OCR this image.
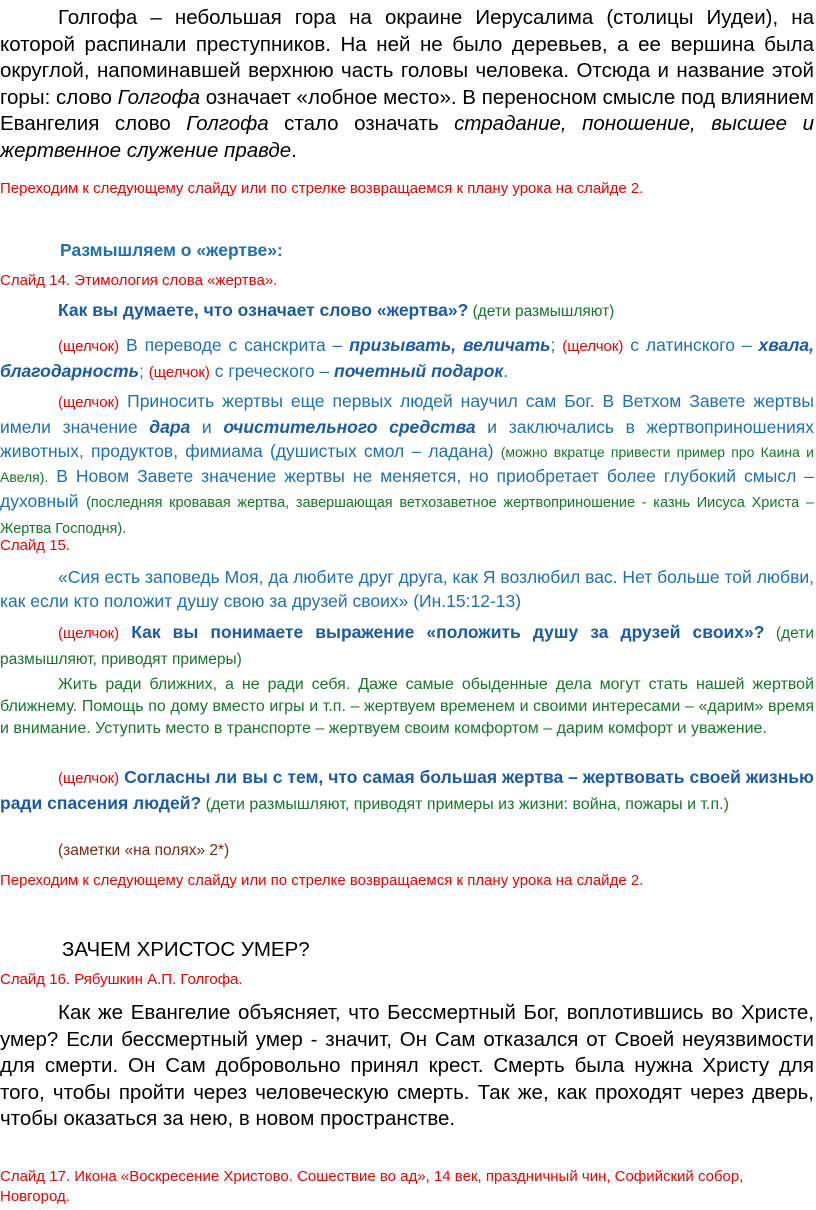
Голгофа – небольшая гора на окраине Иерусалима (столицы Иудеи), на которой распинали преступников. На ней не было деревьев, а ее вершина была округлой, напоминавшей верхнюю часть головы человека. Отсюда и название этой горы: слово Голгофа означает «лобное место». В переносном смысле под влиянием Евангелия слово Голгофа стало означать страдание, поношение, высшее и жертвенное служение правде.

Переходим к следующему слайду или по стрелке возвращаемся к плану урока на слайде 2.

Размышляем о «жертве»:

Слайд 14. Этимология слова «жертва».

Как вы думаете, что означает слово «жертва»? (дети размышляют)

(щелчок) В переводе с санскрита – призывать, величать; (щелчок) с латинского – хвала, благодарность; (щелчок) с греческого – почетный подарок.

(щелчок) Приносить жертвы еще первых людей научил сам Бог. В Ветхом Завете жертвы имели значение дара и очистительного средства и заключались в жертвоприношениях животных, продуктов, фимиама (душистых смол – ладана) (можно вкратце привести пример про Каина и Авеля). В Новом Завете значение жертвы не меняется, но приобретает более глубокий смысл – духовный (последняя кровавая жертва, завершающая ветхозаветное жертвоприношение - казнь Иисуса Христа – Жертва Господня).

Слайд 15.

«Сия есть заповедь Моя, да любите друг друга, как Я возлюбил вас. Нет больше той любви, как если кто положит душу свою за друзей своих» (Ин.15:12-13)

(щелчок) Как вы понимаете выражение «положить душу за друзей своих»? (дети размышляют, приводят примеры)

Жить ради ближних, а не ради себя. Даже самые обыденные дела могут стать нашей жертвой ближнему. Помощь по дому вместо игры и т.п. – жертвуем временем и своими интересами – «дарим» время и внимание. Уступить место в транспорте – жертвуем своим комфортом – дарим комфорт и уважение.

(щелчок) Согласны ли вы с тем, что самая большая жертва – жертвовать своей жизнью ради спасения людей? (дети размышляют, приводят примеры из жизни: война, пожары и т.п.)

(заметки «на полях» 2*)

Переходим к следующему слайду или по стрелке возвращаемся к плану урока на слайде 2.

ЗАЧЕМ ХРИСТОС УМЕР?

Слайд 16. Рябушкин А.П. Голгофа.

Как же Евангелие объясняет, что Бессмертный Бог, воплотившись во Христе, умер? Если бессмертный умер - значит, Он Сам отказался от Своей неуязвимости для смерти. Он Сам добровольно принял крест. Смерть была нужна Христу для того, чтобы пройти через человеческую смерть. Так же, как проходят через дверь, чтобы оказаться за нею, в новом пространстве.

Слайд 17. Икона «Воскресение Христово. Сошествие во ад», 14 век, праздничный чин, Софийский собор, Новгород.
